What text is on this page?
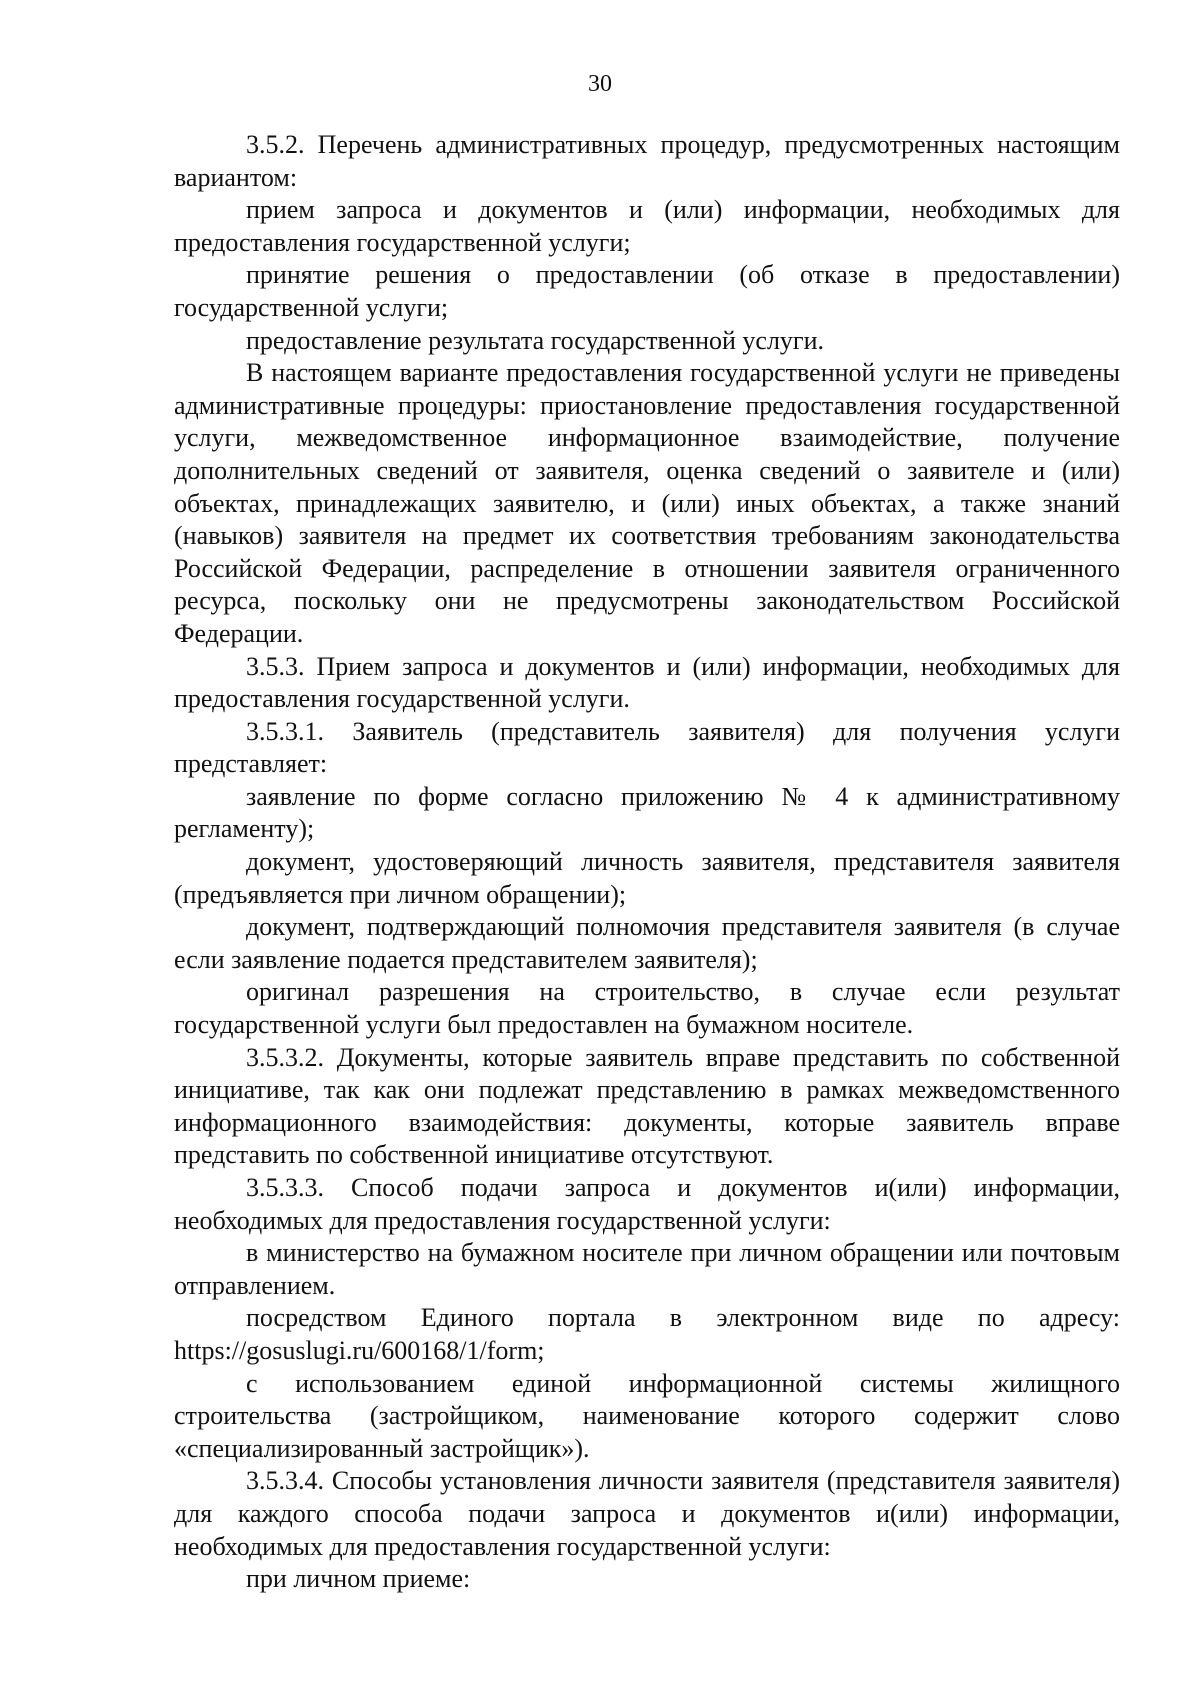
30

3.5.2. Перечень административных процедур, предусмотренных настоящим вариантом:

прием запроса и документов и (или) информации, необходимых для предоставления государственной услуги;

принятие решения о предоставлении (об отказе в предоставлении) государственной услуги;

предоставление результата государственной услуги.

В настоящем варианте предоставления государственной услуги не приведены административные процедуры: приостановление предоставления государственной услуги, межведомственное информационное взаимодействие, получение дополнительных сведений от заявителя, оценка сведений о заявителе и (или) объектах, принадлежащих заявителю, и (или) иных объектах, а также знаний (навыков) заявителя на предмет их соответствия требованиям законодательства Российской Федерации, распределение в отношении заявителя ограниченного ресурса, поскольку они не предусмотрены законодательством Российской Федерации.

3.5.3. Прием запроса и документов и (или) информации, необходимых для предоставления государственной услуги.

3.5.3.1. Заявитель (представитель заявителя) для получения услуги представляет:

заявление по форме согласно приложению № 4 к административному регламенту);

документ, удостоверяющий личность заявителя, представителя заявителя (предъявляется при личном обращении);

документ, подтверждающий полномочия представителя заявителя (в случае если заявление подается представителем заявителя);

оригинал разрешения на строительство, в случае если результат государственной услуги был предоставлен на бумажном носителе.

3.5.3.2. Документы, которые заявитель вправе представить по собственной инициативе, так как они подлежат представлению в рамках межведомственного информационного взаимодействия: документы, которые заявитель вправе представить по собственной инициативе отсутствуют.

3.5.3.3. Способ подачи запроса и документов и(или) информации, необходимых для предоставления государственной услуги:

в министерство на бумажном носителе при личном обращении или почтовым отправлением.

посредством Единого портала в электронном виде по адресу: https://gosuslugi.ru/600168/1/form;

с использованием единой информационной системы жилищного строительства (застройщиком, наименование которого содержит слово «специализированный застройщик»).

3.5.3.4. Способы установления личности заявителя (представителя заявителя) для каждого способа подачи запроса и документов и(или) информации, необходимых для предоставления государственной услуги:

при личном приеме:
